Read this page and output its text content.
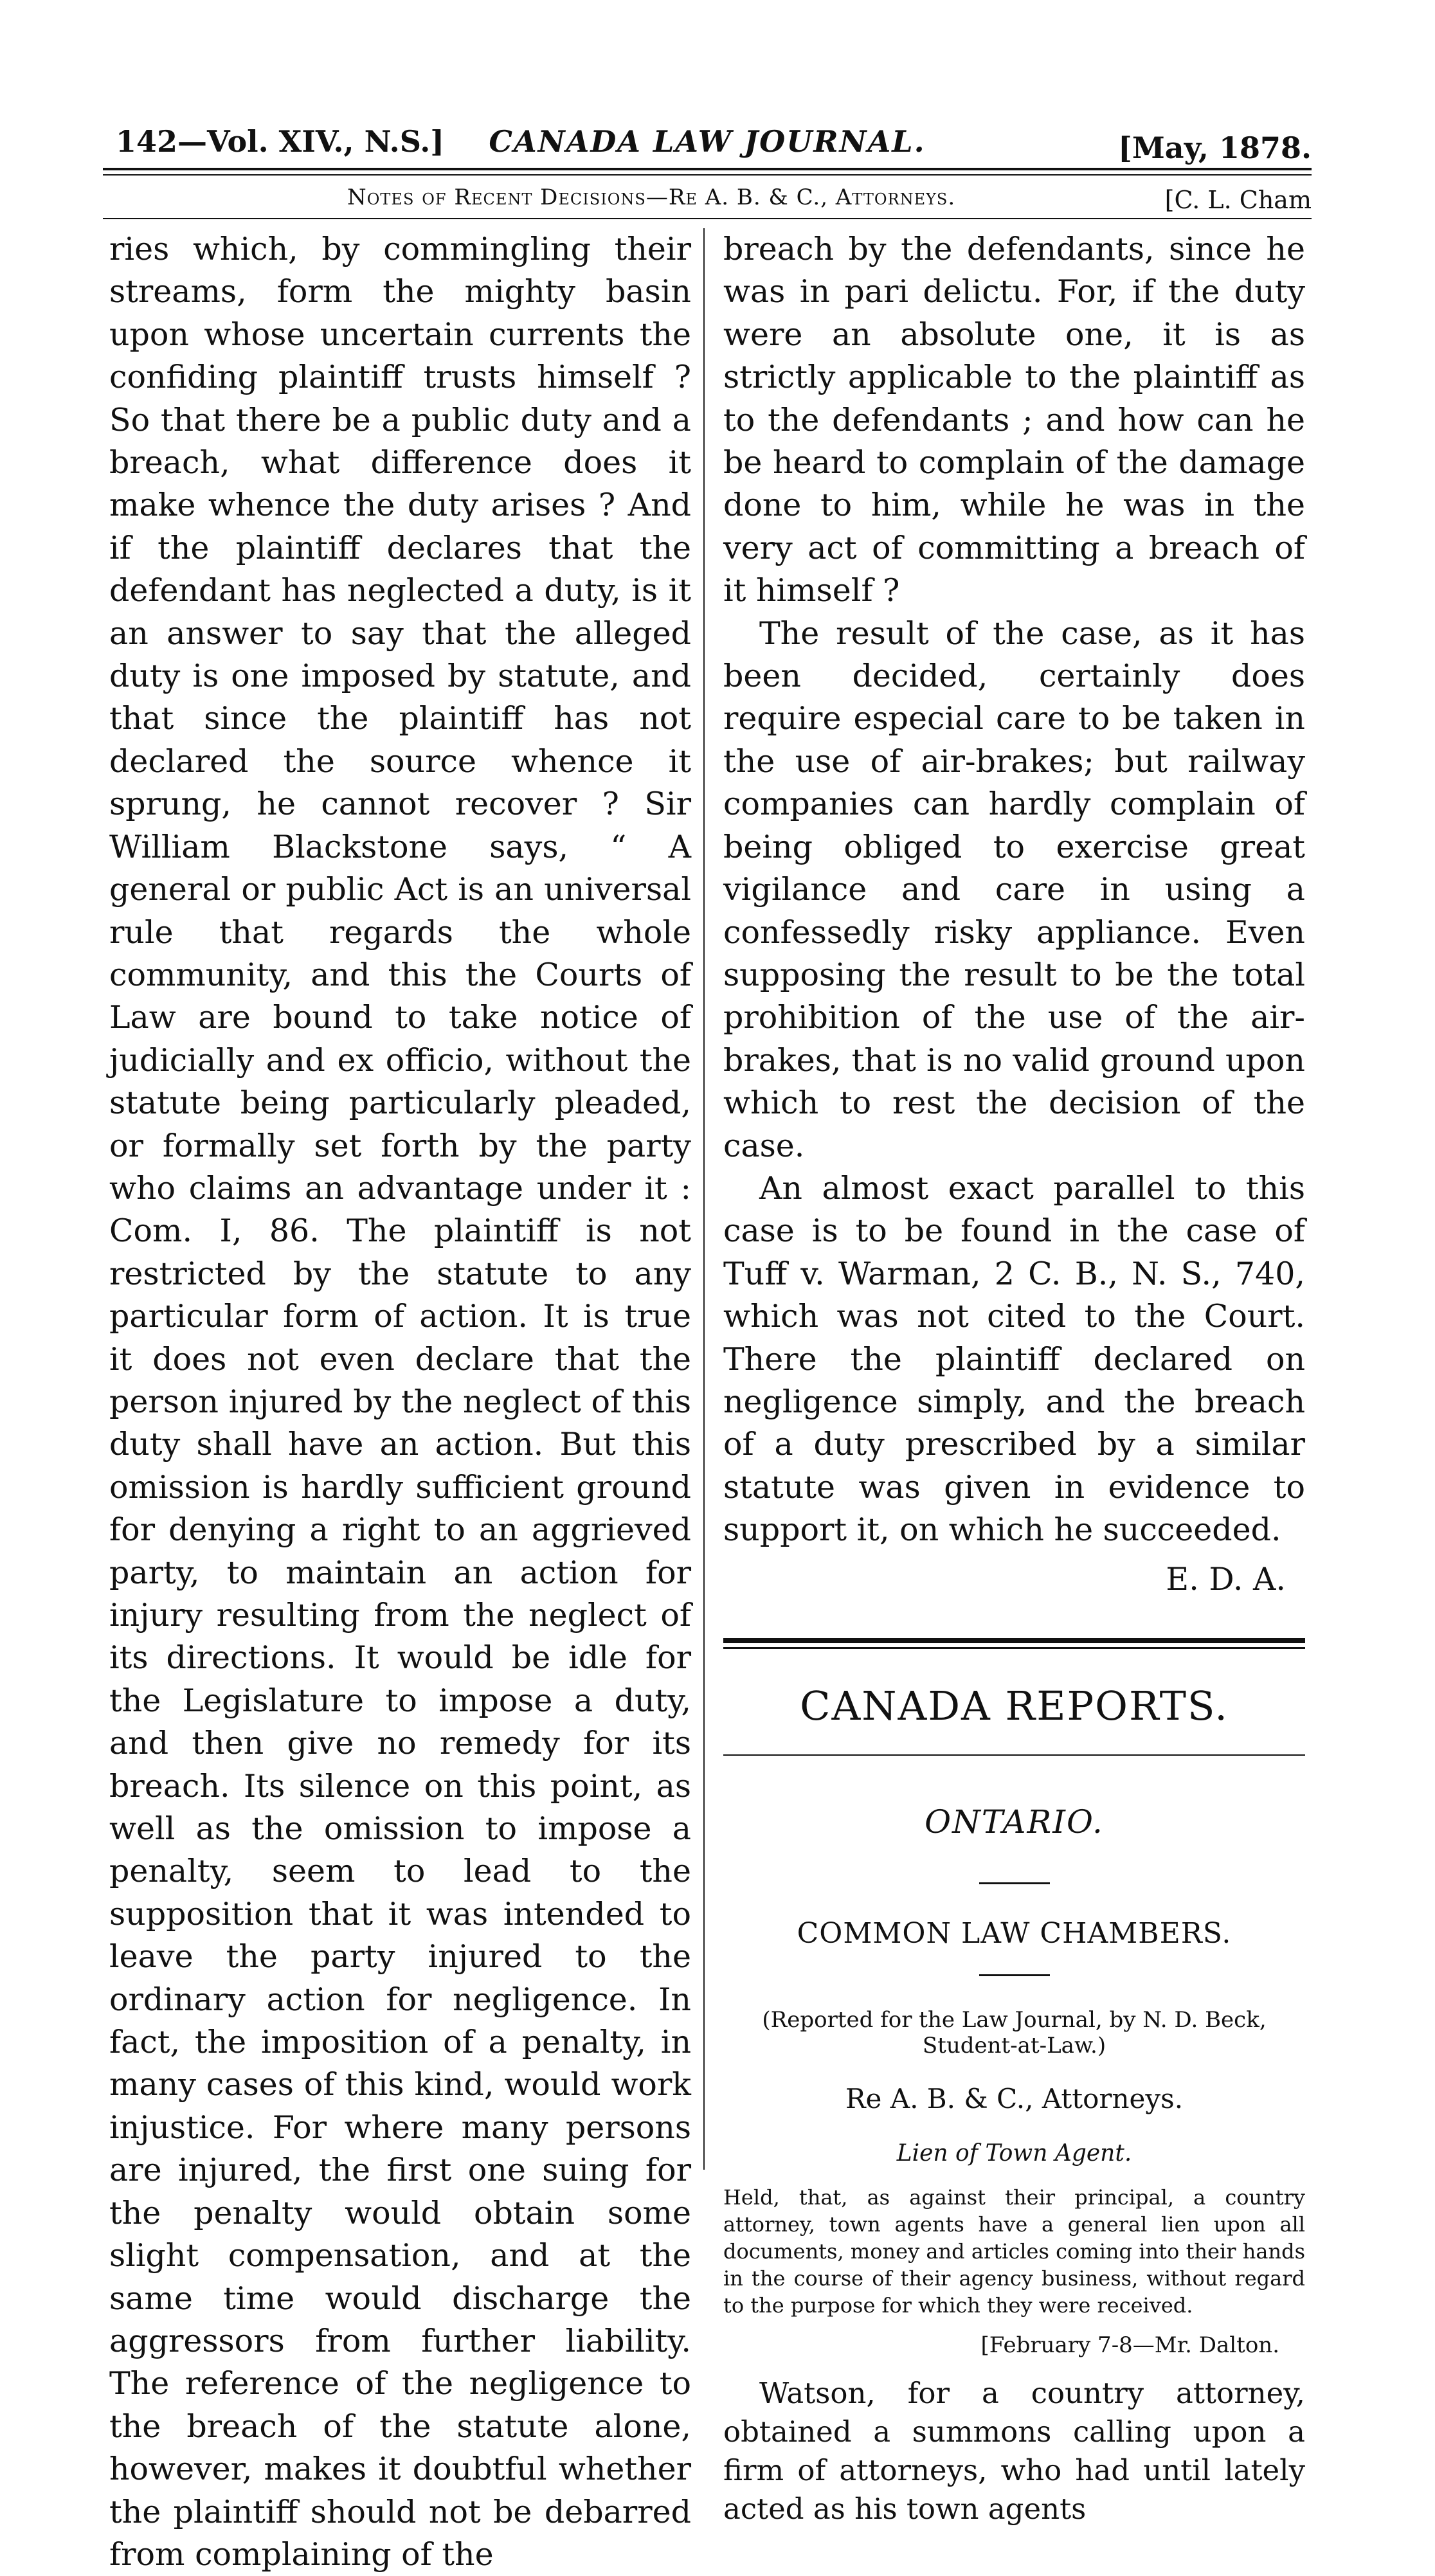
142—Vol. XIV., N.S.]	CANADA LAW JOURNAL.	[May, 1878.
Notes of Recent Decisions—Re A. B. & C., Attorneys.	[C. L. Cham

ries which, by commingling their streams, form the mighty basin upon whose uncertain currents the confiding plaintiff trusts himself ? So that there be a public duty and a breach, what difference does it make whence the duty arises ? And if the plaintiff declares that the defendant has neglected a duty, is it an answer to say that the alleged duty is one imposed by statute, and that since the plaintiff has not declared the source whence it sprung, he cannot recover ? Sir William Blackstone says, “ A general or public Act is an universal rule that regards the whole community, and this the Courts of Law are bound to take notice of judicially and ex officio, without the statute being particularly pleaded, or formally set forth by the party who claims an advantage under it : Com. I, 86. The plaintiff is not restricted by the statute to any particular form of action. It is true it does not even declare that the person injured by the neglect of this duty shall have an action. But this omission is hardly sufficient ground for denying a right to an aggrieved party, to maintain an action for injury resulting from the neglect of its directions. It would be idle for the Legislature to impose a duty, and then give no remedy for its breach. Its silence on this point, as well as the omission to impose a penalty, seem to lead to the supposition that it was intended to leave the party injured to the ordinary action for negligence. In fact, the imposition of a penalty, in many cases of this kind, would work injustice. For where many persons are injured, the first one suing for the penalty would obtain some slight compensation, and at the same time would discharge the aggressors from further liability. The reference of the negligence to the breach of the statute alone, however, makes it doubtful whether the plaintiff should not be debarred from complaining of the

breach by the defendants, since he was in pari delictu. For, if the duty were an absolute one, it is as strictly applicable to the plaintiff as to the defendants ; and how can he be heard to complain of the damage done to him, while he was in the very act of committing a breach of it himself ?

The result of the case, as it has been decided, certainly does require especial care to be taken in the use of air-brakes; but railway companies can hardly complain of being obliged to exercise great vigilance and care in using a confessedly risky appliance. Even supposing the result to be the total prohibition of the use of the air-brakes, that is no valid ground upon which to rest the decision of the case.

An almost exact parallel to this case is to be found in the case of Tuff v. Warman, 2 C. B., N. S., 740, which was not cited to the Court. There the plaintiff declared on negligence simply, and the breach of a duty prescribed by a similar statute was given in evidence to support it, on which he succeeded.

E. D. A.

CANADA REPORTS.
ONTARIO.
COMMON LAW CHAMBERS.
(Reported for the Law Journal, by N. D. Beck, Student-at-Law.)
Re A. B. & C., Attorneys.
Lien of Town Agent.
Held, that, as against their principal, a country attorney, town agents have a general lien upon all documents, money and articles coming into their hands in the course of their agency business, without regard to the purpose for which they were received.
[February 7-8—Mr. Dalton.
Watson, for a country attorney, obtained a summons calling upon a firm of attorneys, who had until lately acted as his town agents
